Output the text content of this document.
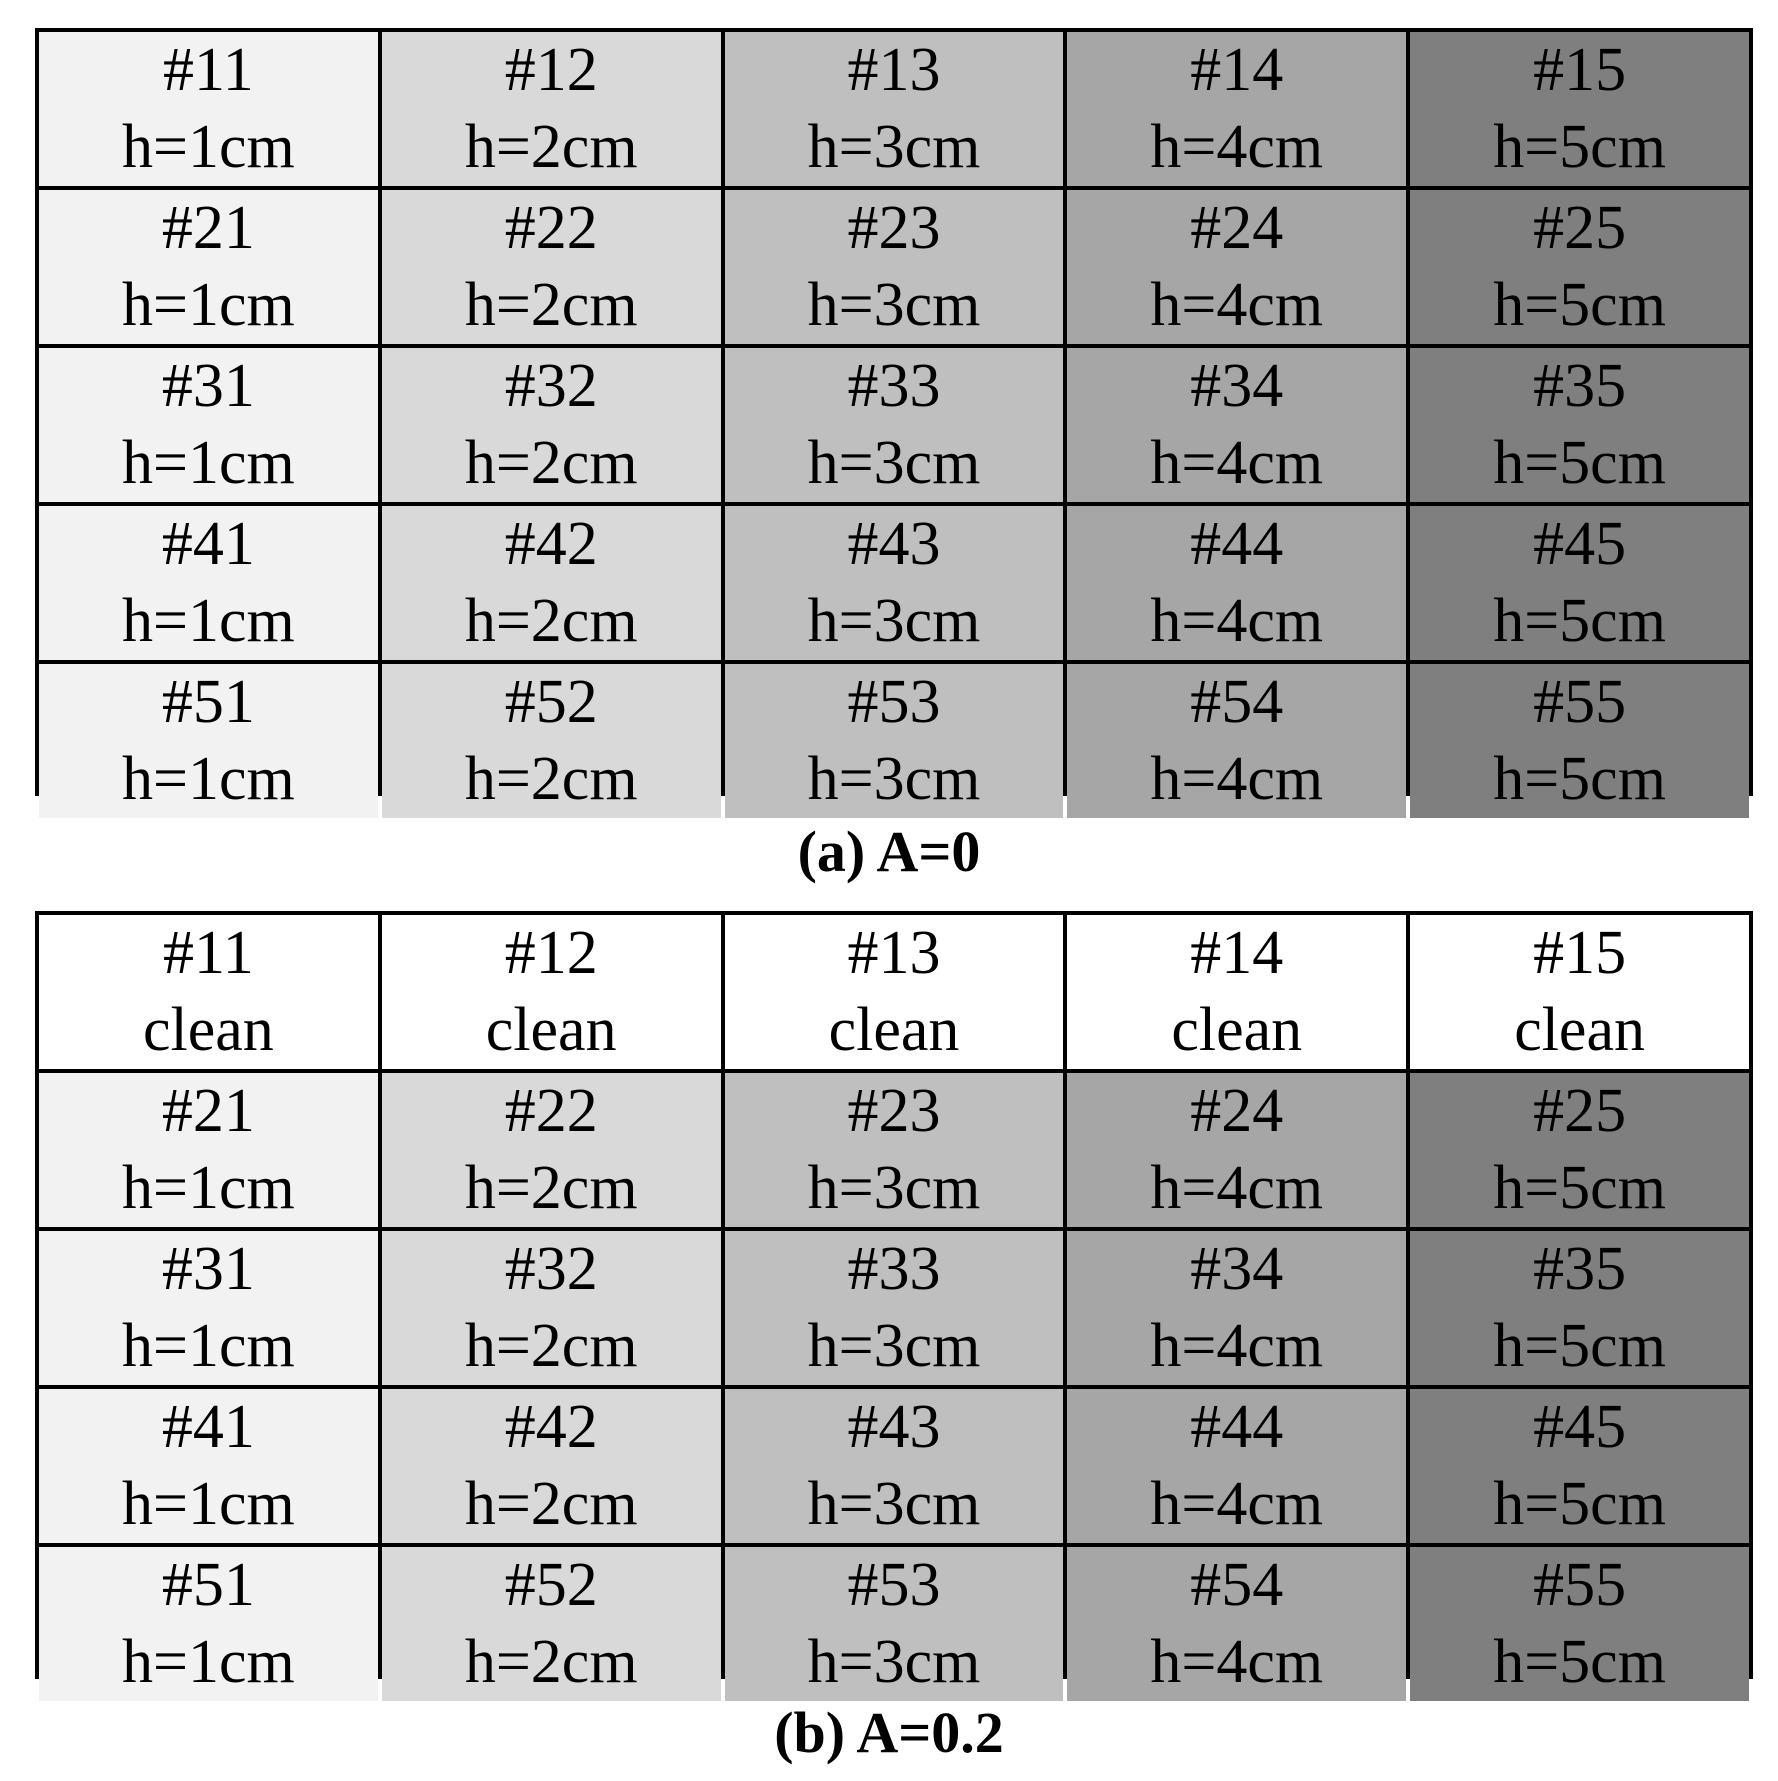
#11
h=1cm
#12
h=2cm
#13
h=3cm
#14
h=4cm
#15
h=5cm
#21
h=1cm
#22
h=2cm
#23
h=3cm
#24
h=4cm
#25
h=5cm
#31
h=1cm
#32
h=2cm
#33
h=3cm
#34
h=4cm
#35
h=5cm
#41
h=1cm
#42
h=2cm
#43
h=3cm
#44
h=4cm
#45
h=5cm
#51
h=1cm
#52
h=2cm
#53
h=3cm
#54
h=4cm
#55
h=5cm
(a) A=0
#11
clean
#12
clean
#13
clean
#14
clean
#15
clean
#21
h=1cm
#22
h=2cm
#23
h=3cm
#24
h=4cm
#25
h=5cm
#31
h=1cm
#32
h=2cm
#33
h=3cm
#34
h=4cm
#35
h=5cm
#41
h=1cm
#42
h=2cm
#43
h=3cm
#44
h=4cm
#45
h=5cm
#51
h=1cm
#52
h=2cm
#53
h=3cm
#54
h=4cm
#55
h=5cm
(b) A=0.2
